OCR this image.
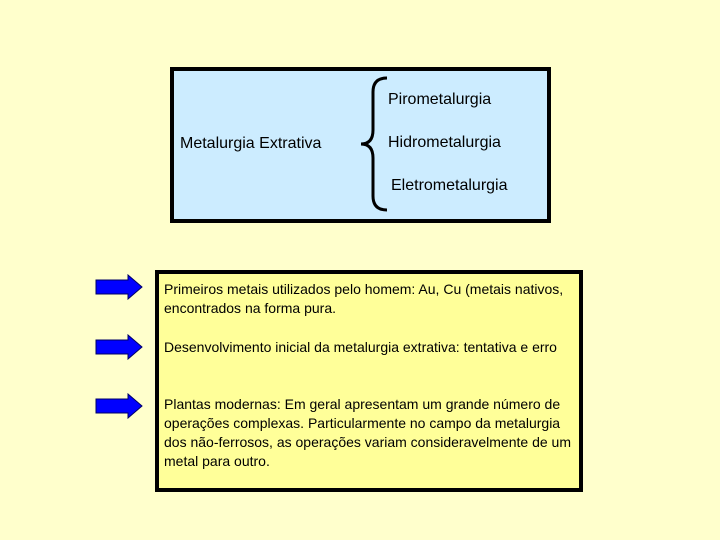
Metalurgia Extrativa
Pirometalurgia
Hidrometalurgia
Eletrometalurgia
Primeiros metais utilizados pelo homem: Au, Cu (metais nativos, encontrados na forma pura.
Desenvolvimento inicial da metalurgia extrativa: tentativa e erro
Plantas modernas: Em geral apresentam um grande número de operações complexas. Particularmente no campo da metalurgia dos não-ferrosos, as operações variam consideravelmente de um metal para outro.
